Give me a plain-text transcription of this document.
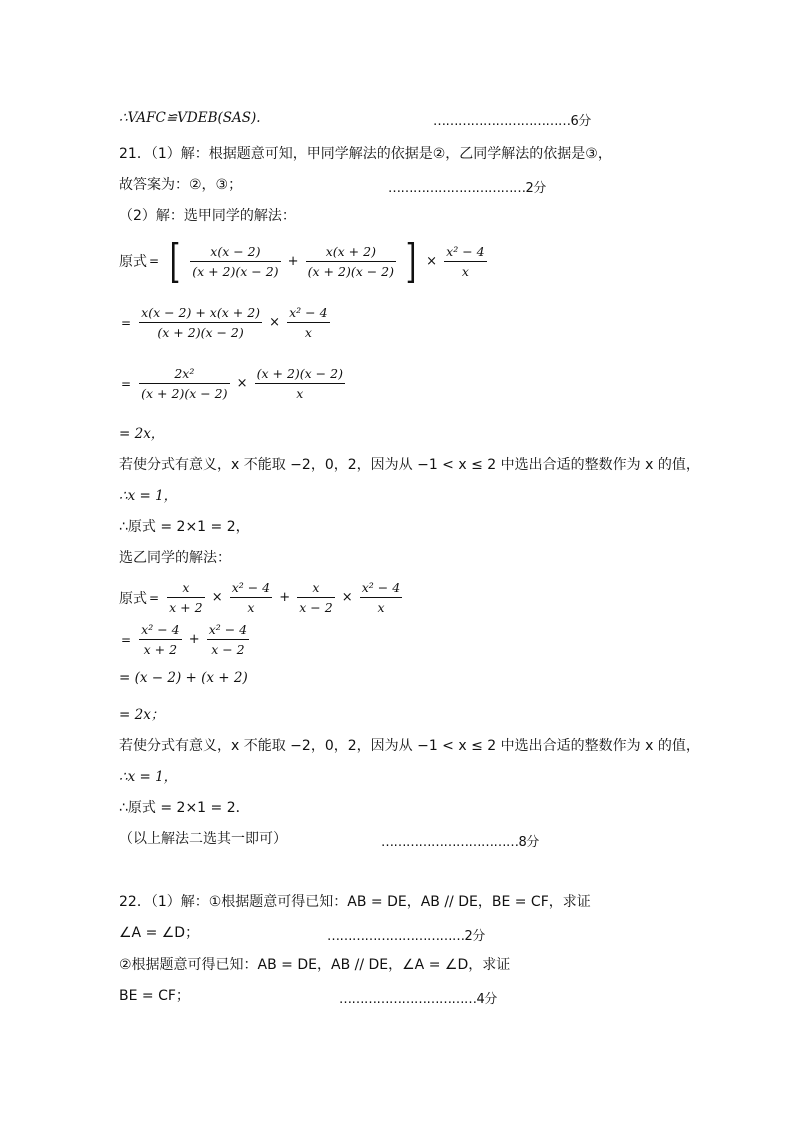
∴VAFC≌VDEB(SAS).	……………………………6分
21．（1）解：根据题意可知，甲同学解法的依据是②，乙同学解法的依据是③，
故答案为：②，③；	……………………………2分
（2）解：选甲同学的解法：
原式 = [ $\frac{x(x - 2)}{(x + 2)(x - 2)} + \frac{x(x + 2)}{(x + 2)(x - 2)}$ ] × $\frac{\text{x² − 4}}{x}$
= $\frac{x(x - 2) + x(x + 2)}{(x + 2)(x - 2)} \times \frac{\text{x² − 4}}{x}$
= $\frac{\text{2x²}}{(x + 2)(x - 2)} \times \frac{(x + 2)(x - 2)}{x}$
= 2x，
若使分式有意义，x 不能取 −2，0，2，因为从 −1 < x ≤ 2 中选出合适的整数作为 x 的值，
∴x = 1，
∴原式 = 2×1 = 2，
选乙同学的解法：
原式 = $\frac{x}{x + 2} \times \frac{\text{x² − 4}}{x} + \frac{x}{x - 2} \times \frac{\text{x² − 4}}{x}$
= $\frac{\text{x² − 4}}{x + 2} + \frac{\text{x² − 4}}{x - 2}$
= (x − 2) + (x + 2)
= 2x；
若使分式有意义，x 不能取 −2，0，2，因为从 −1 < x ≤ 2 中选出合适的整数作为 x 的值，
∴x = 1，
∴原式 = 2×1 = 2．
（以上解法二选其一即可）	……………………………8分
22．（1）解：①根据题意可得已知：AB = DE，AB // DE，BE = CF，求证
∠A = ∠D；	……………………………2分
②根据题意可得已知：AB = DE，AB // DE，∠A = ∠D，求证
BE = CF；	……………………………4分
